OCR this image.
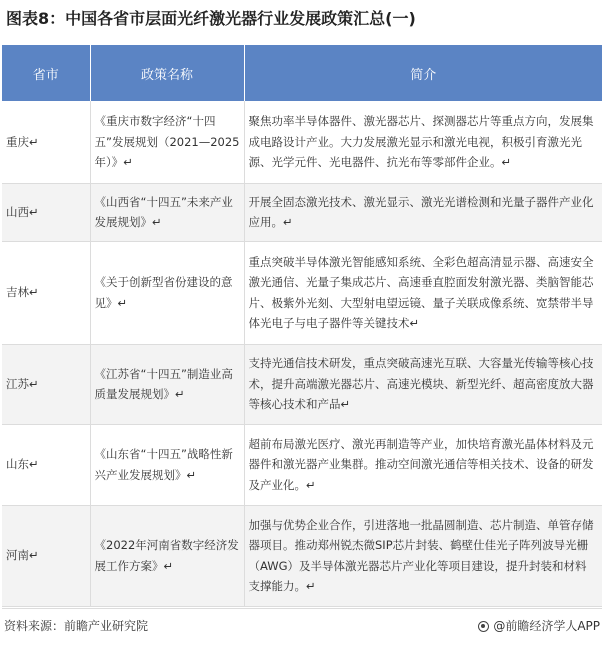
图表8：中国各省市层面光纤激光器行业发展政策汇总(一)
省市	政策名称	简介
重庆↵	《重庆市数字经济“十四五”发展规划（2021—2025年）》↵	聚焦功率半导体器件、激光器芯片、探测器芯片等重点方向，发展集成电路设计产业。大力发展激光显示和激光电视，积极引育激光光源、光学元件、光电器件、抗光布等零部件企业。↵
山西↵	《山西省“十四五”未来产业发展规划》↵	开展全固态激光技术、激光显示、激光光谱检测和光量子器件产业化应用。↵
吉林↵	《关于创新型省份建设的意见》↵	重点突破半导体激光智能感知系统、全彩色超高清显示器、高速安全激光通信、光量子集成芯片、高速垂直腔面发射激光器、类脑智能芯片、极紫外光刻、大型射电望远镜、量子关联成像系统、宽禁带半导体光电子与电子器件等关键技术↵
江苏↵	《江苏省“十四五”制造业高质量发展规划》↵	支持光通信技术研发，重点突破高速光互联、大容量光传输等核心技术，提升高端激光器芯片、高速光模块、新型光纤、超高密度放大器等核心技术和产品↵
山东↵	《山东省“十四五”战略性新兴产业发展规划》↵	超前布局激光医疗、激光再制造等产业，加快培育激光晶体材料及元器件和激光器产业集群。推动空间激光通信等相关技术、设备的研发及产业化。↵
河南↵	《2022年河南省数字经济发展工作方案》↵	加强与优势企业合作，引进落地一批晶圆制造、芯片制造、单管存储器项目。推动郑州锐杰微SIP芯片封装、鹤壁仕佳光子阵列波导光栅（AWG）及半导体激光器芯片产业化等项目建设，提升封装和材料支撑能力。↵
资料来源：前瞻产业研究院	@前瞻经济学人APP
